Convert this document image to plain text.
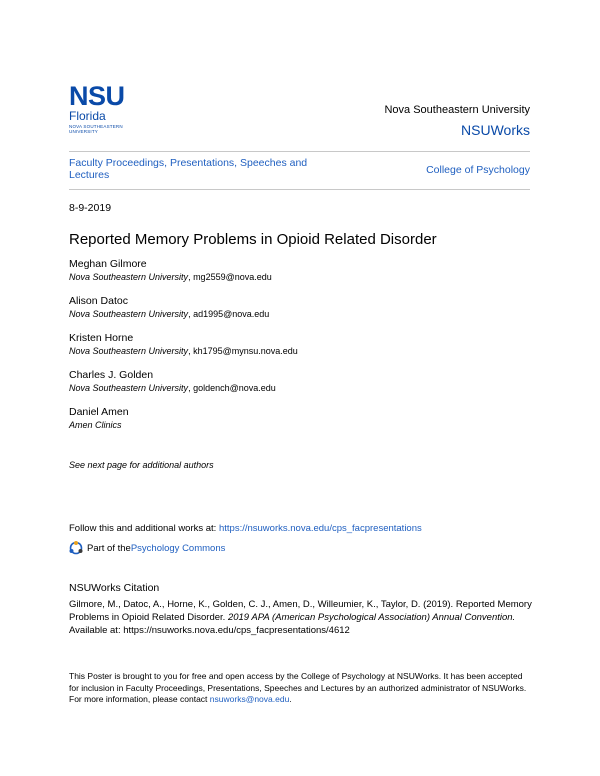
NSU
Florida
NOVA SOUTHEASTERN UNIVERSITY
Nova Southeastern University
NSUWorks
Faculty Proceedings, Presentations, Speeches and Lectures	College of Psychology
8-9-2019
Reported Memory Problems in Opioid Related Disorder
Meghan Gilmore
Nova Southeastern University, mg2559@nova.edu
Alison Datoc
Nova Southeastern University, ad1995@nova.edu
Kristen Horne
Nova Southeastern University, kh1795@mynsu.nova.edu
Charles J. Golden
Nova Southeastern University, goldench@nova.edu
Daniel Amen
Amen Clinics
See next page for additional authors
Follow this and additional works at: https://nsuworks.nova.edu/cps_facpresentations
Part of the Psychology Commons
NSUWorks Citation
Gilmore, M., Datoc, A., Horne, K., Golden, C. J., Amen, D., Willeumier, K., Taylor, D. (2019). Reported Memory Problems in Opioid Related Disorder. 2019 APA (American Psychological Association) Annual Convention.
Available at: https://nsuworks.nova.edu/cps_facpresentations/4612
This Poster is brought to you for free and open access by the College of Psychology at NSUWorks. It has been accepted for inclusion in Faculty Proceedings, Presentations, Speeches and Lectures by an authorized administrator of NSUWorks. For more information, please contact nsuworks@nova.edu.
